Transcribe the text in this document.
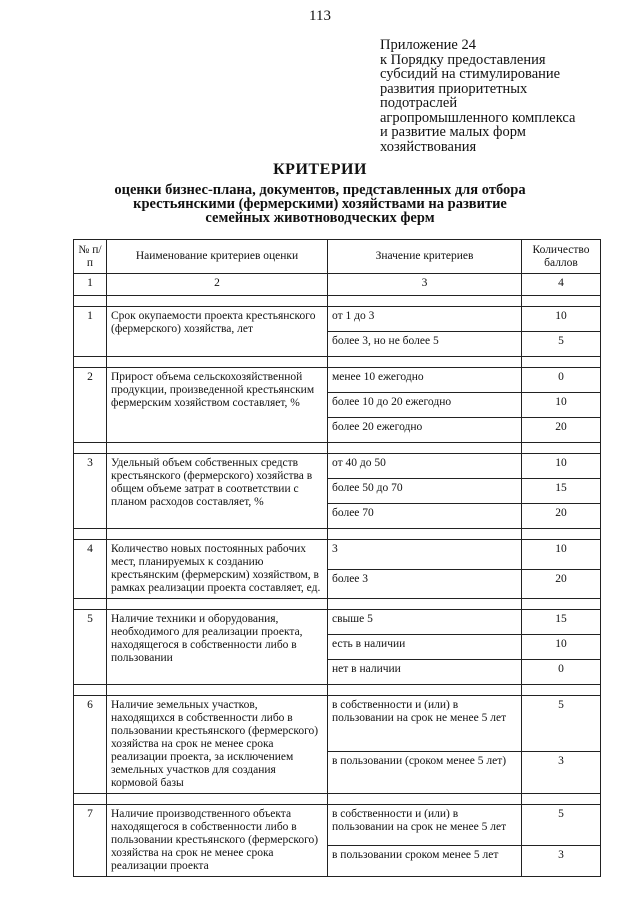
113
Приложение 24
к Порядку предоставления
субсидий на стимулирование
развития приоритетных
подотраслей
агропромышленного комплекса
и развитие малых форм
хозяйствования
КРИТЕРИИ
оценки бизнес-плана, документов, представленных для отбора
крестьянскими (фермерскими) хозяйствами на развитие
семейных животноводческих ферм
№ п/п	Наименование критериев оценки	Значение критериев	Количество баллов
1	2	3	4

1	Срок окупаемости проекта крестьянского (фермерского) хозяйства, лет	от 1 до 3	10
		более 3, но не более 5	5

2	Прирост объема сельскохозяйственной продукции, произведенной крестьянским фермерским хозяйством составляет, %	менее 10 ежегодно	0
		более 10 до 20 ежегодно	10
		более 20 ежегодно	20

3	Удельный объем собственных средств крестьянского (фермерского) хозяйства в общем объеме затрат в соответствии с планом расходов составляет, %	от 40 до 50	10
		более 50 до 70	15
		более 70	20

4	Количество новых постоянных рабочих мест, планируемых к созданию крестьянским (фермерским) хозяйством, в рамках реализации проекта составляет, ед.	3	10
		более 3	20

5	Наличие техники и оборудования, необходимого для реализации проекта, находящегося в собственности либо в пользовании	свыше 5	15
		есть в наличии	10
		нет в наличии	0

6	Наличие земельных участков, находящихся в собственности либо в пользовании крестьянского (фермерского) хозяйства на срок не менее срока реализации проекта, за исключением земельных участков для создания кормовой базы	в собственности и (или) в пользовании на срок не менее 5 лет	5
		в пользовании (сроком менее 5 лет)	3

7	Наличие производственного объекта находящегося в собственности либо в пользовании крестьянского (фермерского) хозяйства на срок не менее срока реализации проекта	в собственности и (или) в пользовании на срок не менее 5 лет	5
		в пользовании сроком менее 5 лет	3
